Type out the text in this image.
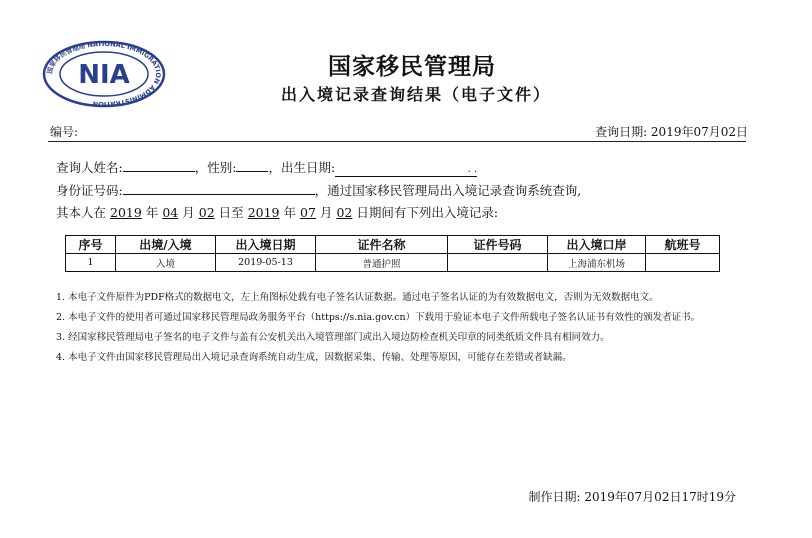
国家移民管理局 NATIONAL IMMIGRATION ADMINISTRATION
NIA	国家移民管理局
出入境记录查询结果（电子文件）
编号:	查询日期: 2019年07月02日
查询人姓名:	，性别:	，出生日期:	. .
身份证号码:	，通过国家移民管理局出入境记录查询系统查询,
其本人在 2019 年 04 月 02 日至 2019 年 07 月 02 日期间有下列出入境记录:
序号	出境/入境	出入境日期	证件名称	证件号码	出入境口岸	航班号
1	入境	2019-05-13	普通护照		上海浦东机场	
1. 本电子文件原件为PDF格式的数据电文，左上角图标处载有电子签名认证数据。通过电子签名认证的为有效数据电文，否则为无效数据电文。
2. 本电子文件的使用者可通过国家移民管理局政务服务平台（https://s.nia.gov.cn）下载用于验证本电子文件所载电子签名认证书有效性的颁发者证书。
3. 经国家移民管理局电子签名的电子文件与盖有公安机关出入境管理部门或出入境边防检查机关印章的同类纸质文件具有相同效力。
4. 本电子文件由国家移民管理局出入境记录查询系统自动生成，因数据采集、传输、处理等原因，可能存在差错或者缺漏。
制作日期: 2019年07月02日17时19分
